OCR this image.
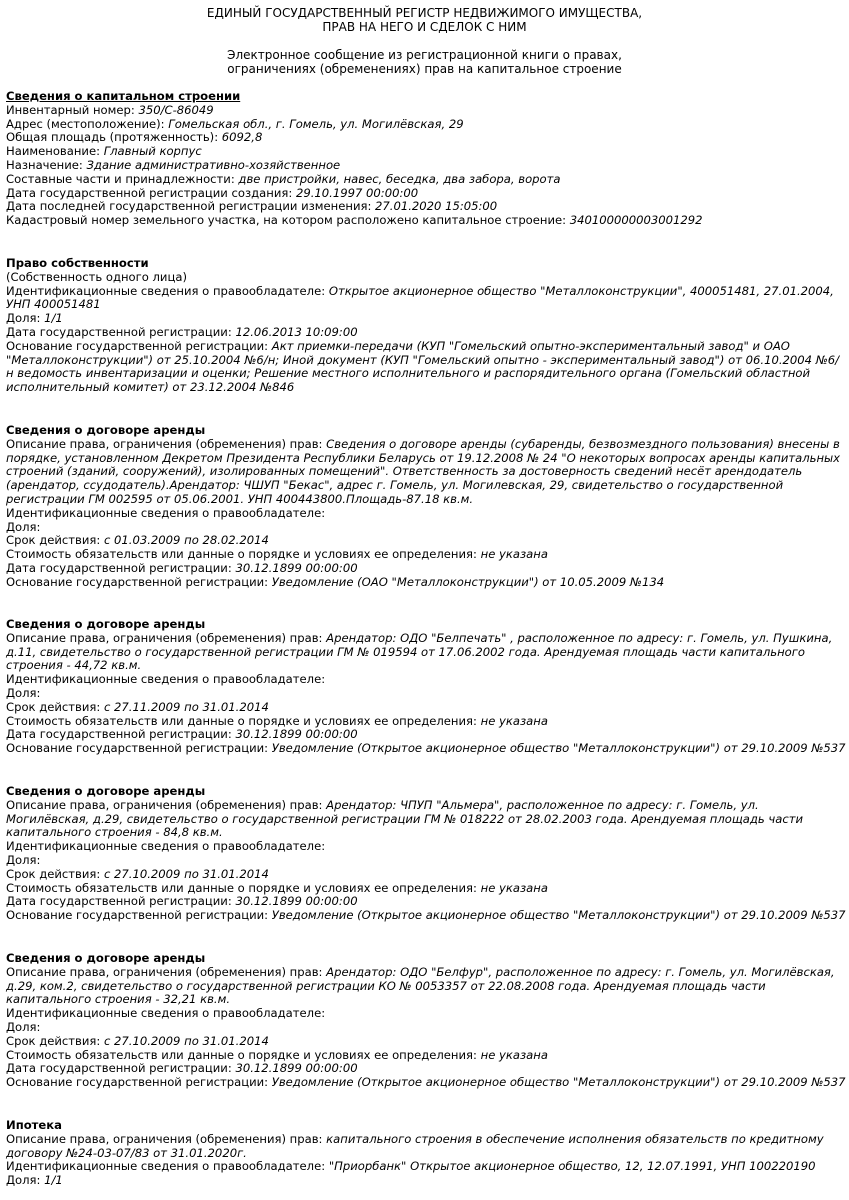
ЕДИНЫЙ ГОСУДАРСТВЕННЫЙ РЕГИСТР НЕДВИЖИМОГО ИМУЩЕСТВА,
ПРАВ НА НЕГО И СДЕЛОК С НИМ
Электронное сообщение из регистрационной книги о правах,
ограничениях (обременениях) прав на капитальное строение
Сведения о капитальном строении
Инвентарный номер: 350/С-86049
Адрес (местоположение): Гомельская обл., г. Гомель, ул. Могилёвская, 29
Общая площадь (протяженность): 6092,8
Наименование: Главный корпус
Назначение: Здание административно-хозяйственное
Составные части и принадлежности: две пристройки, навес, беседка, два забора, ворота
Дата государственной регистрации создания: 29.10.1997 00:00:00
Дата последней государственной регистрации изменения: 27.01.2020 15:05:00
Кадастровый номер земельного участка, на котором расположено капитальное строение: 340100000003001292
Право собственности
(Собственность одного лица)
Идентификационные сведения о правообладателе: Открытое акционерное общество "Металлоконструкции", 400051481, 27.01.2004, УНП 400051481
Доля: 1/1
Дата государственной регистрации: 12.06.2013 10:09:00
Основание государственной регистрации: Акт приемки-передачи (КУП "Гомельский опытно-экспериментальный завод" и ОАО "Металлоконструкции") от 25.10.2004 №6/н; Иной документ (КУП "Гомельский опытно - экспериментальный завод") от 06.10.2004 №6/н ведомость инвентаризации и оценки; Решение местного исполнительного и распорядительного органа (Гомельский областной исполнительный комитет) от 23.12.2004 №846
Сведения о договоре аренды
Описание права, ограничения (обременения) прав: Сведения о договоре аренды (субаренды, безвозмездного пользования) внесены в порядке, установленном Декретом Президента Республики Беларусь от 19.12.2008 № 24 "О некоторых вопросах аренды капитальных строений (зданий, сооружений), изолированных помещений". Ответственность за достоверность сведений несёт арендодатель (арендатор, ссудодатель).Арендатор: ЧШУП "Бекас", адрес г. Гомель, ул. Могилевская, 29, свидетельство о государственной регистрации ГМ 002595 от 05.06.2001. УНП 400443800.Площадь-87.18 кв.м.
Идентификационные сведения о правообладателе:
Доля:
Срок действия: с 01.03.2009 по 28.02.2014
Стоимость обязательств или данные о порядке и условиях ее определения: не указана
Дата государственной регистрации: 30.12.1899 00:00:00
Основание государственной регистрации: Уведомление (ОАО "Металлоконструкции") от 10.05.2009 №134
Сведения о договоре аренды
Описание права, ограничения (обременения) прав: Арендатор: ОДО "Белпечать" , расположенное по адресу: г. Гомель, ул. Пушкина, д.11, свидетельство о государственной регистрации ГМ № 019594 от 17.06.2002 года. Арендуемая площадь части капитального строения - 44,72 кв.м.
Идентификационные сведения о правообладателе:
Доля:
Срок действия: с 27.11.2009 по 31.01.2014
Стоимость обязательств или данные о порядке и условиях ее определения: не указана
Дата государственной регистрации: 30.12.1899 00:00:00
Основание государственной регистрации: Уведомление (Открытое акционерное общество "Металлоконструкции") от 29.10.2009 №537
Сведения о договоре аренды
Описание права, ограничения (обременения) прав: Арендатор: ЧПУП "Альмера", расположенное по адресу: г. Гомель, ул. Могилёвская, д.29, свидетельство о государственной регистрации ГМ № 018222 от 28.02.2003 года. Арендуемая площадь части капитального строения - 84,8 кв.м.
Идентификационные сведения о правообладателе:
Доля:
Срок действия: с 27.10.2009 по 31.01.2014
Стоимость обязательств или данные о порядке и условиях ее определения: не указана
Дата государственной регистрации: 30.12.1899 00:00:00
Основание государственной регистрации: Уведомление (Открытое акционерное общество "Металлоконструкции") от 29.10.2009 №537
Сведения о договоре аренды
Описание права, ограничения (обременения) прав: Арендатор: ОДО "Белфур", расположенное по адресу: г. Гомель, ул. Могилёвская, д.29, ком.2, свидетельство о государственной регистрации КО № 0053357 от 22.08.2008 года. Арендуемая площадь части капитального строения - 32,21 кв.м.
Идентификационные сведения о правообладателе:
Доля:
Срок действия: с 27.10.2009 по 31.01.2014
Стоимость обязательств или данные о порядке и условиях ее определения: не указана
Дата государственной регистрации: 30.12.1899 00:00:00
Основание государственной регистрации: Уведомление (Открытое акционерное общество "Металлоконструкции") от 29.10.2009 №537
Ипотека
Описание права, ограничения (обременения) прав: капитального строения в обеспечение исполнения обязательств по кредитному договору №24-03-07/83 от 31.01.2020г.
Идентификационные сведения о правообладателе: "Приорбанк" Открытое акционерное общество, 12, 12.07.1991, УНП 100220190
Доля: 1/1
